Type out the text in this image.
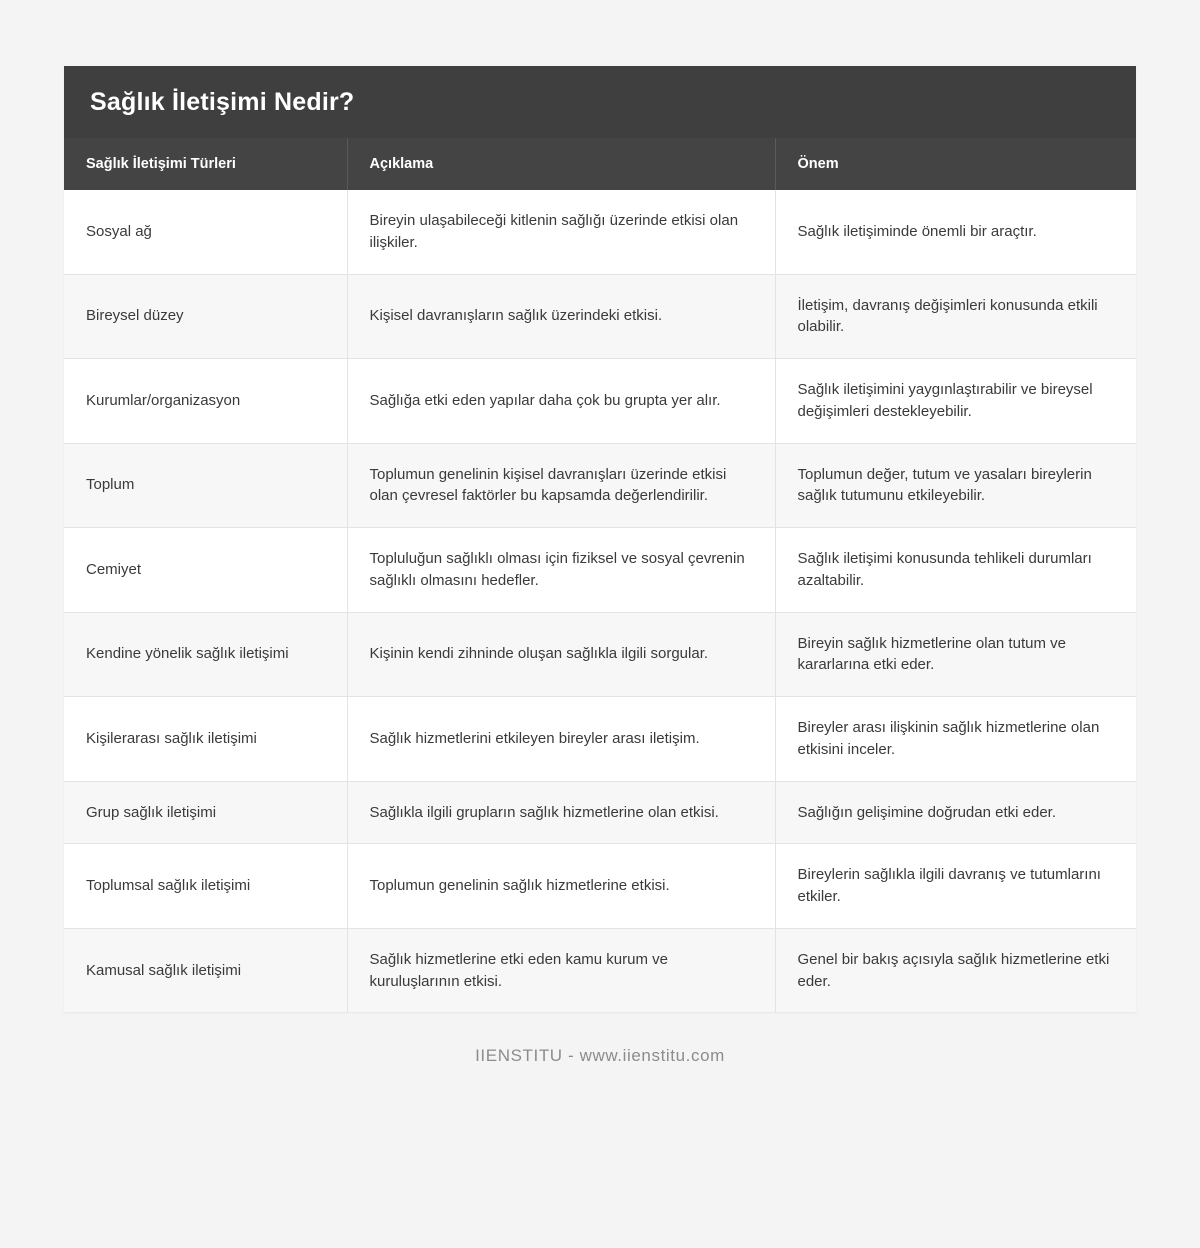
Sağlık İletişimi Nedir?
Sağlık İletişimi Türleri	Açıklama	Önem
Sosyal ağ	Bireyin ulaşabileceği kitlenin sağlığı üzerinde etkisi olan ilişkiler.	Sağlık iletişiminde önemli bir araçtır.
Bireysel düzey	Kişisel davranışların sağlık üzerindeki etkisi.	İletişim, davranış değişimleri konusunda etkili olabilir.
Kurumlar/organizasyon	Sağlığa etki eden yapılar daha çok bu grupta yer alır.	Sağlık iletişimini yaygınlaştırabilir ve bireysel değişimleri destekleyebilir.
Toplum	Toplumun genelinin kişisel davranışları üzerinde etkisi olan çevresel faktörler bu kapsamda değerlendirilir.	Toplumun değer, tutum ve yasaları bireylerin sağlık tutumunu etkileyebilir.
Cemiyet	Topluluğun sağlıklı olması için fiziksel ve sosyal çevrenin sağlıklı olmasını hedefler.	Sağlık iletişimi konusunda tehlikeli durumları azaltabilir.
Kendine yönelik sağlık iletişimi	Kişinin kendi zihninde oluşan sağlıkla ilgili sorgular.	Bireyin sağlık hizmetlerine olan tutum ve kararlarına etki eder.
Kişilerarası sağlık iletişimi	Sağlık hizmetlerini etkileyen bireyler arası iletişim.	Bireyler arası ilişkinin sağlık hizmetlerine olan etkisini inceler.
Grup sağlık iletişimi	Sağlıkla ilgili grupların sağlık hizmetlerine olan etkisi.	Sağlığın gelişimine doğrudan etki eder.
Toplumsal sağlık iletişimi	Toplumun genelinin sağlık hizmetlerine etkisi.	Bireylerin sağlıkla ilgili davranış ve tutumlarını etkiler.
Kamusal sağlık iletişimi	Sağlık hizmetlerine etki eden kamu kurum ve kuruluşlarının etkisi.	Genel bir bakış açısıyla sağlık hizmetlerine etki eder.
IIENSTITU - www.iienstitu.com
